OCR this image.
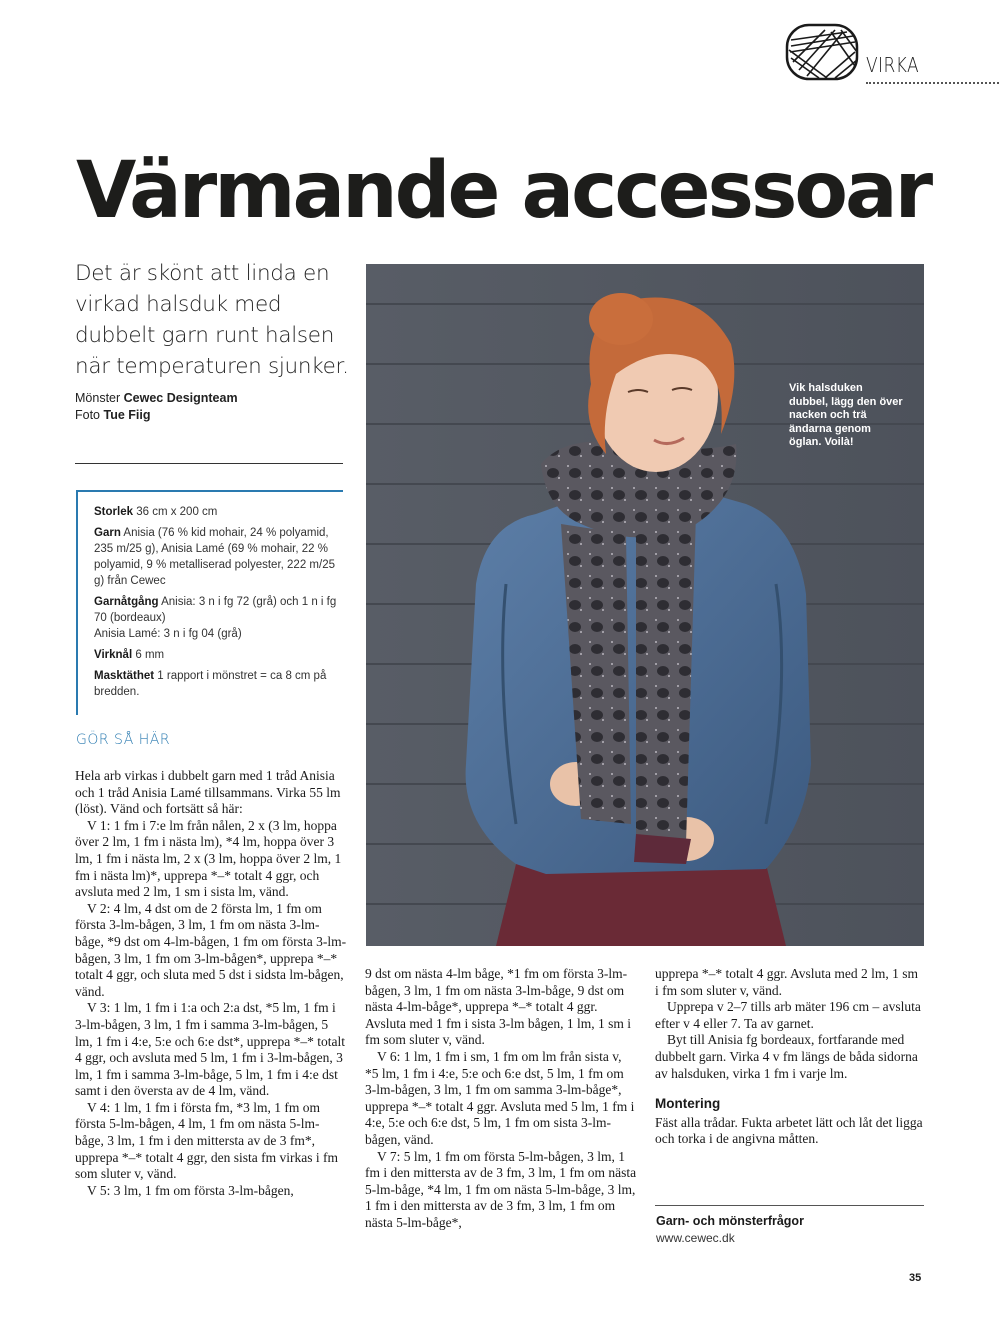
VIRKA
Värmande accessoar
Det är skönt att linda en virkad halsduk med dubbelt garn runt halsen när temperaturen sjunker.
Mönster Cewec Designteam
Foto Tue Fiig
Storlek 36 cm x 200 cm
Garn Anisia (76 % kid mohair, 24 % polyamid, 235 m/25 g), Anisia Lamé (69 % mohair, 22 % polyamid, 9 % metalliserad polyester, 222 m/25 g) från Cewec
Garnåtgång Anisia: 3 n i fg 72 (grå) och 1 n i fg 70 (bordeaux)
Anisia Lamé: 3 n i fg 04 (grå)
Virknål 6 mm
Masktäthet 1 rapport i mönstret = ca 8 cm på bredden.
GÖR SÅ HÄR

Hela arb virkas i dubbelt garn med 1 tråd Anisia och 1 tråd Anisia Lamé tillsammans. Virka 55 lm (löst). Vänd och fortsätt så här:

V 1: 1 fm i 7:e lm från nålen, 2 x (3 lm, hoppa över 2 lm, 1 fm i nästa lm), *4 lm, hoppa över 3 lm, 1 fm i nästa lm, 2 x (3 lm, hoppa över 2 lm, 1 fm i nästa lm)*, upprepa *–* totalt 4 ggr, och avsluta med 2 lm, 1 sm i sista lm, vänd.

V 2: 4 lm, 4 dst om de 2 första lm, 1 fm om första 3-lm-bågen, 3 lm, 1 fm om nästa 3-lm-båge, *9 dst om 4-lm-bågen, 1 fm om första 3-lm-bågen, 3 lm, 1 fm om 3-lm-bågen*, upprepa *–* totalt 4 ggr, och sluta med 5 dst i sidsta lm-bågen, vänd.

V 3: 1 lm, 1 fm i 1:a och 2:a dst, *5 lm, 1 fm i 3-lm-bågen, 3 lm, 1 fm i samma 3-lm-bågen, 5 lm, 1 fm i 4:e, 5:e och 6:e dst*, upprepa *–* totalt 4 ggr, och avsluta med 5 lm, 1 fm i 3-lm-bågen, 3 lm, 1 fm i samma 3-lm-båge, 5 lm, 1 fm i 4:e dst samt i den översta av de 4 lm, vänd.

V 4: 1 lm, 1 fm i första fm, *3 lm, 1 fm om första 5-lm-bågen, 4 lm, 1 fm om nästa 5-lm-båge, 3 lm, 1 fm i den mittersta av de 3 fm*, upprepa *–* totalt 4 ggr, den sista fm virkas i fm som sluter v, vänd.

V 5: 3 lm, 1 fm om första 3-lm-bågen,

9 dst om nästa 4-lm båge, *1 fm om första 3-lm-bågen, 3 lm, 1 fm om nästa 3-lm-båge, 9 dst om nästa 4-lm-båge*, upprepa *–* totalt 4 ggr. Avsluta med 1 fm i sista 3-lm bågen, 1 lm, 1 sm i fm som sluter v, vänd.

V 6: 1 lm, 1 fm i sm, 1 fm om lm från sista v, *5 lm, 1 fm i 4:e, 5:e och 6:e dst, 5 lm, 1 fm om 3-lm-bågen, 3 lm, 1 fm om samma 3-lm-båge*, upprepa *–* totalt 4 ggr. Avsluta med 5 lm, 1 fm i 4:e, 5:e och 6:e dst, 5 lm, 1 fm om sista 3-lm-bågen, vänd.

V 7: 5 lm, 1 fm om första 5-lm-bågen, 3 lm, 1 fm i den mittersta av de 3 fm, 3 lm, 1 fm om nästa 5-lm-båge, *4 lm, 1 fm om nästa 5-lm-båge, 3 lm, 1 fm i den mittersta av de 3 fm, 3 lm, 1 fm om nästa 5-lm-båge*,

upprepa *–* totalt 4 ggr. Avsluta med 2 lm, 1 sm i fm som sluter v, vänd.

Upprepa v 2–7 tills arb mäter 196 cm – avsluta efter v 4 eller 7. Ta av garnet.

Byt till Anisia fg bordeaux, fortfarande med dubbelt garn. Virka 4 v fm längs de båda sidorna av halsduken, virka 1 fm i varje lm.

Montering

Fäst alla trådar. Fukta arbetet lätt och låt det ligga och torka i de angivna måtten.

Garn- och mönsterfrågor
www.cewec.dk
35
Vik halsduken dubbel, lägg den över nacken och trä ändarna genom öglan. Voilà!
